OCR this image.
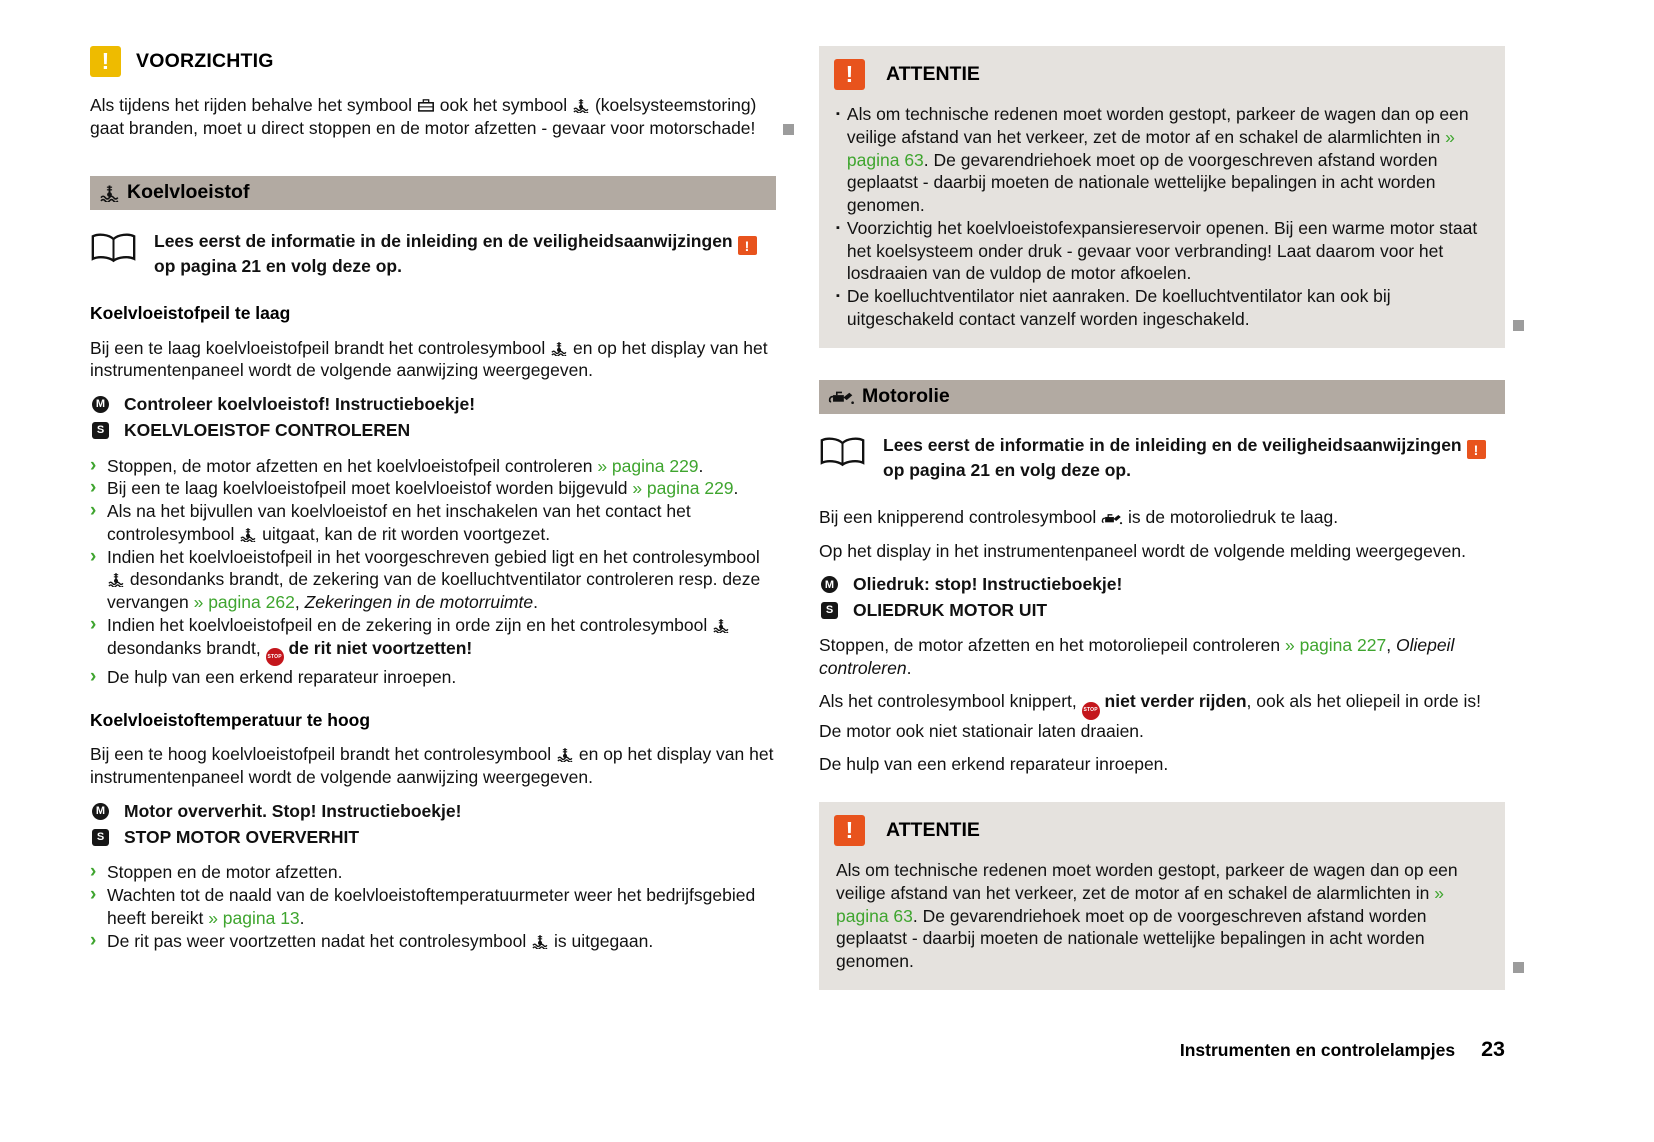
!	VOORZICHTIG

Als tijdens het rijden behalve het symbool ook het symbool (koelsysteemstoring) gaat branden, moet u direct stoppen en de motor afzetten - gevaar voor motorschade!

Koelvloeistof
Lees eerst de informatie in de inleiding en de veiligheidsaanwijzingen ! op pagina 21 en volg deze op.
Koelvloeistofpeil te laag

Bij een te laag koelvloeistofpeil brandt het controlesymbool en op het display van het instrumentenpaneel wordt de volgende aanwijzing weergegeven.

M Controleer koelvloeistof! Instructieboekje!
S KOELVLOEISTOF CONTROLEREN
› Stoppen, de motor afzetten en het koelvloeistofpeil controleren » pagina 229.
› Bij een te laag koelvloeistofpeil moet koelvloeistof worden bijgevuld » pagina 229.
› Als na het bijvullen van koelvloeistof en het inschakelen van het contact het controlesymbool uitgaat, kan de rit worden voortgezet.
› Indien het koelvloeistofpeil in het voorgeschreven gebied ligt en het controlesymbool  desondanks brandt, de zekering van de koelluchtventilator controleren resp. deze vervangen » pagina 262, Zekeringen in de motorruimte.
› Indien het koelvloeistofpeil en de zekering in orde zijn en het controlesymbool  desondanks brandt, STOP de rit niet voortzetten!
› De hulp van een erkend reparateur inroepen.
Koelvloeistoftemperatuur te hoog

Bij een te hoog koelvloeistofpeil brandt het controlesymbool en op het display van het instrumentenpaneel wordt de volgende aanwijzing weergegeven.

M Motor oververhit. Stop! Instructieboekje!
S STOP MOTOR OVERVERHIT
› Stoppen en de motor afzetten.
› Wachten tot de naald van de koelvloeistoftemperatuurmeter weer het bedrijfsgebied heeft bereikt » pagina 13.
› De rit pas weer voortzetten nadat het controlesymbool is uitgegaan.
!	ATTENTIE
▪ Als om technische redenen moet worden gestopt, parkeer de wagen dan op een veilige afstand van het verkeer, zet de motor af en schakel de alarmlichten in » pagina 63. De gevarendriehoek moet op de voorgeschreven afstand worden geplaatst - daarbij moeten de nationale wettelijke bepalingen in acht worden genomen.
▪ Voorzichtig het koelvloeistofexpansiereservoir openen. Bij een warme motor staat het koelsysteem onder druk - gevaar voor verbranding! Laat daarom voor het losdraaien van de vuldop de motor afkoelen.
▪ De koelluchtventilator niet aanraken. De koelluchtventilator kan ook bij uitgeschakeld contact vanzelf worden ingeschakeld.
Motorolie
Lees eerst de informatie in de inleiding en de veiligheidsaanwijzingen ! op pagina 21 en volg deze op.

Bij een knipperend controlesymbool is de motoroliedruk te laag.

Op het display in het instrumentenpaneel wordt de volgende melding weergegeven.

M Oliedruk: stop! Instructieboekje!
S OLIEDRUK MOTOR UIT

Stoppen, de motor afzetten en het motoroliepeil controleren » pagina 227, Oliepeil controleren.

Als het controlesymbool knippert, STOP niet verder rijden, ook als het oliepeil in orde is! De motor ook niet stationair laten draaien.

De hulp van een erkend reparateur inroepen.

!	ATTENTIE
Als om technische redenen moet worden gestopt, parkeer de wagen dan op een veilige afstand van het verkeer, zet de motor af en schakel de alarmlichten in » pagina 63. De gevarendriehoek moet op de voorgeschreven afstand worden geplaatst - daarbij moeten de nationale wettelijke bepalingen in acht worden genomen.
Instrumenten en controlelampjes 23
